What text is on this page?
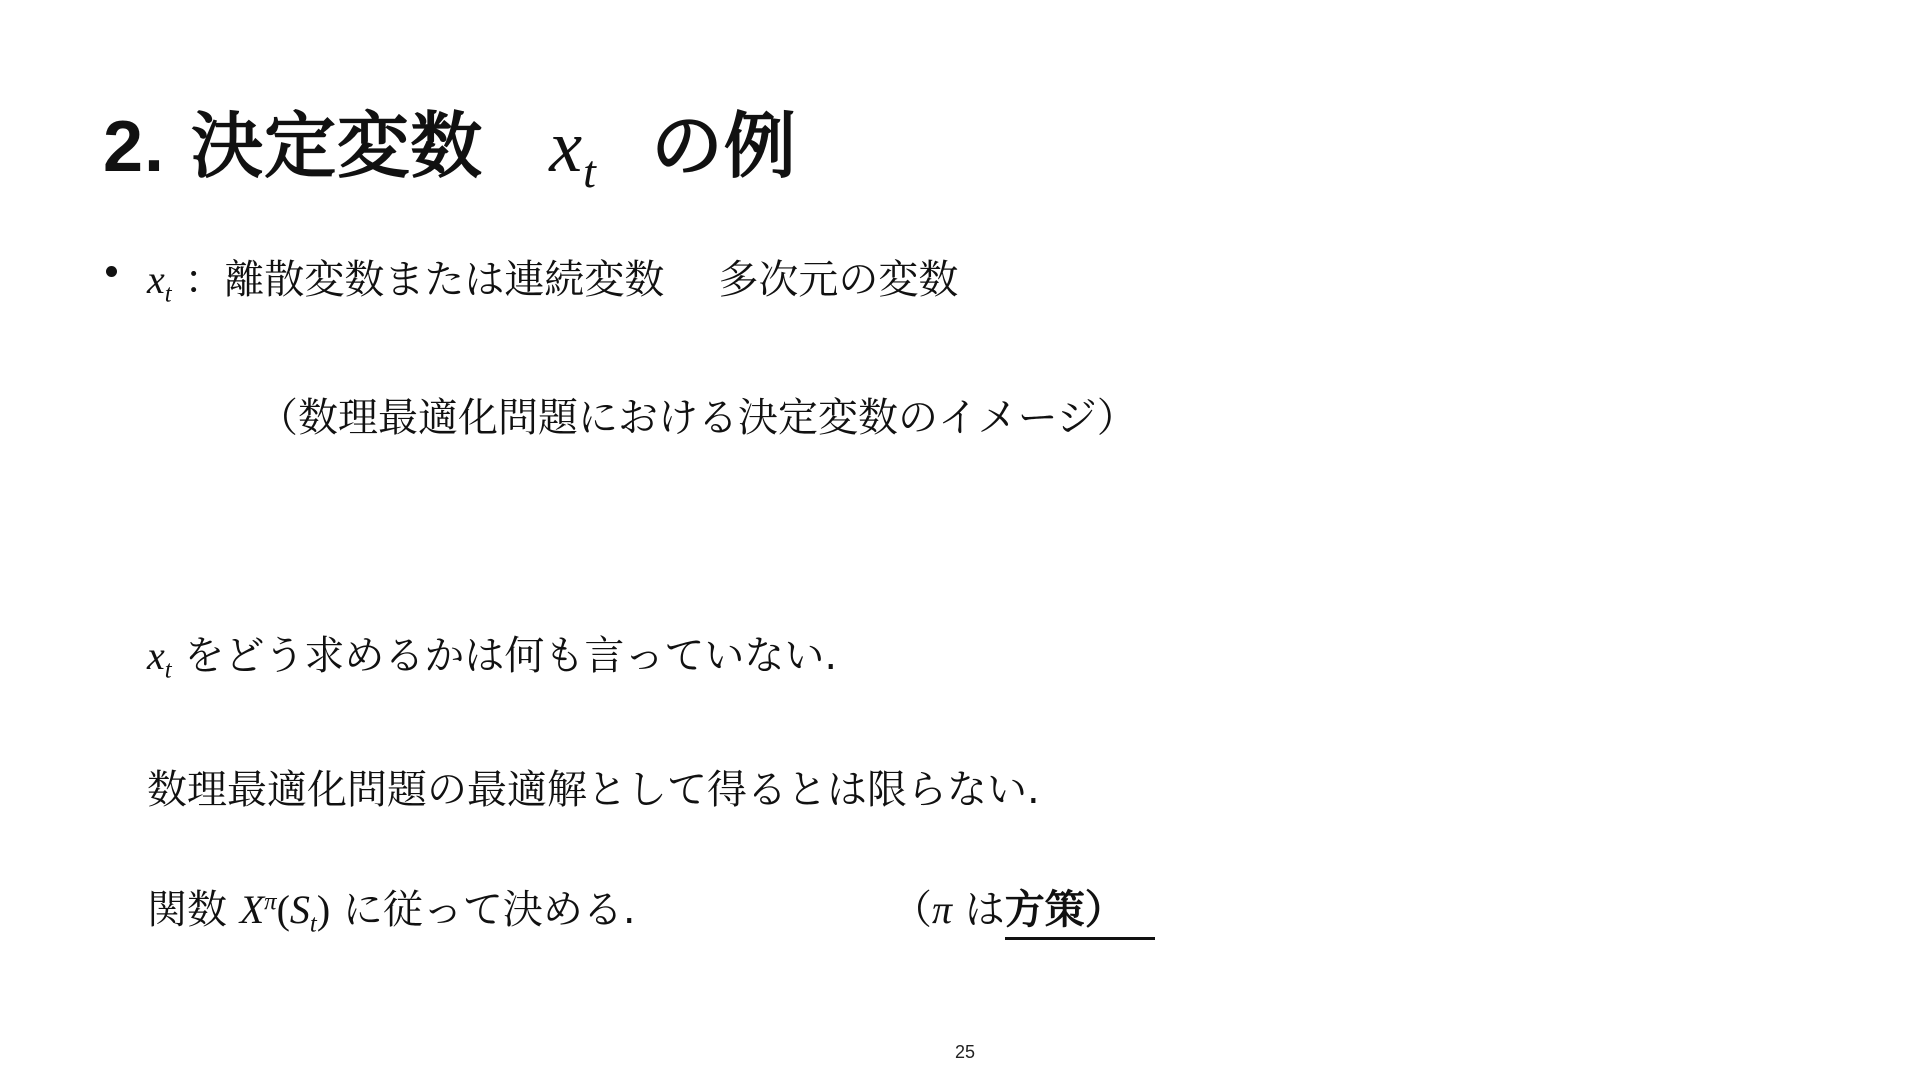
2. 決定変数 $x_t$ の例
$x_t$ ：離散変数または連続変数 多次元の変数
（数理最適化問題における決定変数のイメージ）
$x_t$ をどう求めるかは何も言っていない.
数理最適化問題の最適解として得るとは限らない.
関数 $X^\pi(S_t)$ に従って決める.	（π は方策）
25
